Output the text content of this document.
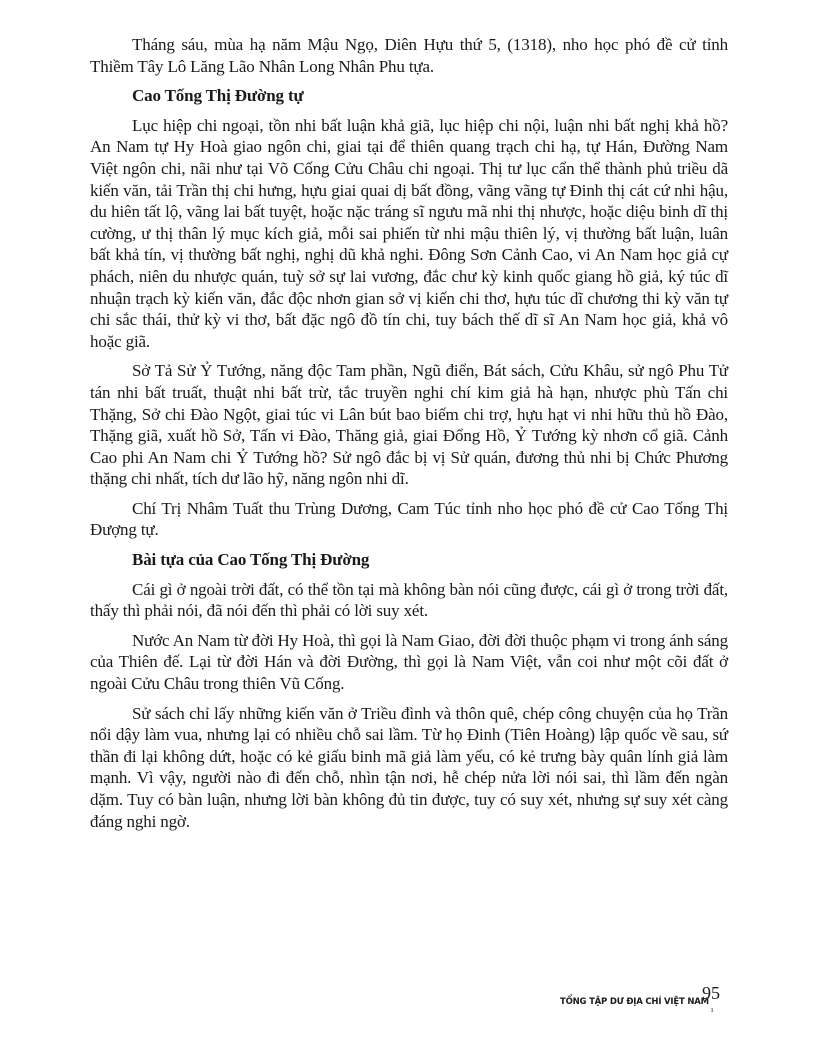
Tháng sáu, mùa hạ năm Mậu Ngọ, Diên Hựu thứ 5, (1318), nho học phó đề cử tỉnh Thiềm Tây Lô Lăng Lão Nhân Long Nhân Phu tựa.

Cao Tống Thị Đường tự

Lục hiệp chi ngoại, tồn nhi bất luận khả giã, lục hiệp chi nội, luận nhi bất nghị khả hồ? An Nam tự Hy Hoà giao ngôn chi, giai tại để thiên quang trạch chi hạ, tự Hán, Đường Nam Việt ngôn chi, nãi như tại Võ Cống Cửu Châu chi ngoại. Thị tư lục cẩn thể thành phủ triều dã kiến văn, tải Trần thị chi hưng, hựu giai quai dị bất đồng, vãng vãng tự Đinh thị cát cứ nhi hậu, du hiên tất lộ, vãng lai bất tuyệt, hoặc nặc tráng sĩ ngưu mã nhi thị nhược, hoặc diệu binh dĩ thị cường, ư thị thân lý mục kích giả, mỗi sai phiến từ nhi mậu thiên lý, vị thường bất luận, luân bất khả tín, vị thường bất nghị, nghị dũ khả nghi. Đông Sơn Cảnh Cao, vi An Nam học giả cự phách, niên du nhược quán, tuỳ sở sự lai vương, đắc chư kỳ kinh quốc giang hồ giả, ký túc dĩ nhuận trạch kỳ kiến văn, đắc độc nhơn gian sở vị kiến chi thơ, hựu túc dĩ chương thi kỳ văn tự chi sắc thái, thử kỳ vi thơ, bất đặc ngô đồ tín chi, tuy bách thế dĩ sĩ An Nam học giả, khả vô hoặc giã.

Sở Tả Sử Ỷ Tướng, năng độc Tam phần, Ngũ điển, Bát sách, Cửu Khâu, sử ngô Phu Tử tán nhi bất truất, thuật nhi bất trừ, tắc truyền nghi chí kim giả hà hạn, nhược phù Tấn chi Thặng, Sở chi Đào Ngột, giai túc vi Lân bút bao biếm chi trợ, hựu hạt vi nhi hữu thủ hồ Đào, Thặng giã, xuất hồ Sở, Tấn vi Đào, Thăng giả, giai Đổng Hồ, Ỷ Tướng kỳ nhơn cổ giã. Cảnh Cao phi An Nam chi Ỷ Tướng hồ? Sử ngô đắc bị vị Sử quán, đương thủ nhi bị Chức Phương thặng chi nhất, tích dư lão hỹ, năng ngôn nhi dĩ.

Chí Trị Nhâm Tuất thu Trùng Dương, Cam Túc tỉnh nho học phó đề cử Cao Tống Thị Đượng tự.

Bài tựa của Cao Tống Thị Đường

Cái gì ở ngoài trời đất, có thể tồn tại mà không bàn nói cũng được, cái gì ở trong trời đất, thấy thì phải nói, đã nói đến thì phải có lời suy xét.

Nước An Nam từ đời Hy Hoà, thì gọi là Nam Giao, đời đời thuộc phạm vi trong ánh sáng của Thiên đế. Lại từ đời Hán và đời Đường, thì gọi là Nam Việt, vẫn coi như một cõi đất ở ngoài Cửu Châu trong thiên Vũ Cống.

Sử sách chỉ lấy những kiến văn ở Triều đình và thôn quê, chép công chuyện của họ Trần nổi dậy làm vua, nhưng lại có nhiều chỗ sai lầm. Từ họ Đinh (Tiên Hoàng) lập quốc về sau, sứ thần đi lại không dứt, hoặc có kẻ giấu binh mã giả làm yếu, có kẻ trưng bày quân lính giả làm mạnh. Vì vậy, người nào đi đến chỗ, nhìn tận nơi, hễ chép nửa lời nói sai, thì lầm đến ngàn dặm. Tuy có bàn luận, nhưng lời bàn không đủ tin được, tuy có suy xét, nhưng sự suy xét càng đáng nghi ngờ.

TỔNG TẬP DƯ ĐỊA CHÍ VIỆT NAM
95
ı
